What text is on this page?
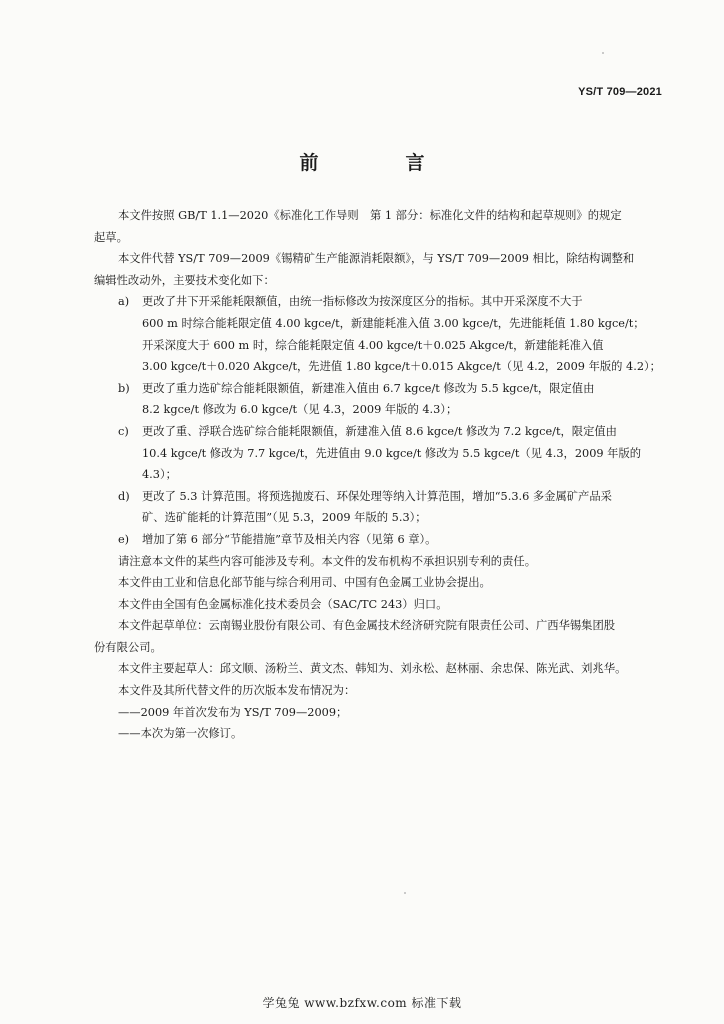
YS/T 709—2021
前　言

本文件按照 GB/T 1.1—2020《标准化工作导则　第 1 部分：标准化文件的结构和起草规则》的规定
起草。

本文件代替 YS/T 709—2009《锡精矿生产能源消耗限额》，与 YS/T 709—2009 相比，除结构调整和
编辑性改动外，主要技术变化如下：

a)	更改了井下开采能耗限额值，由统一指标修改为按深度区分的指标。其中开采深度不大于
600 m 时综合能耗限定值 4.00 kgce/t，新建能耗准入值 3.00 kgce/t，先进能耗值 1.80 kgce/t；
开采深度大于 600 m 时，综合能耗限定值 4.00 kgce/t＋0.025 Akgce/t，新建能耗准入值
3.00 kgce/t＋0.020 Akgce/t，先进值 1.80 kgce/t＋0.015 Akgce/t（见 4.2，2009 年版的 4.2）；
b)	更改了重力选矿综合能耗限额值，新建准入值由 6.7 kgce/t 修改为 5.5 kgce/t，限定值由
8.2 kgce/t 修改为 6.0 kgce/t（见 4.3，2009 年版的 4.3）；
c)	更改了重、浮联合选矿综合能耗限额值，新建准入值 8.6 kgce/t 修改为 7.2 kgce/t，限定值由
10.4 kgce/t 修改为 7.7 kgce/t，先进值由 9.0 kgce/t 修改为 5.5 kgce/t（见 4.3，2009 年版的
4.3）；
d)	更改了 5.3 计算范围。将预选抛废石、环保处理等纳入计算范围，增加“5.3.6 多金属矿产品采
矿、选矿能耗的计算范围”（见 5.3，2009 年版的 5.3）；
e)	增加了第 6 部分“节能措施”章节及相关内容（见第 6 章）。

请注意本文件的某些内容可能涉及专利。本文件的发布机构不承担识别专利的责任。

本文件由工业和信息化部节能与综合利用司、中国有色金属工业协会提出。

本文件由全国有色金属标准化技术委员会（SAC/TC 243）归口。

本文件起草单位：云南锡业股份有限公司、有色金属技术经济研究院有限责任公司、广西华锡集团股
份有限公司。

本文件主要起草人：邱文顺、汤粉兰、黄文杰、韩知为、刘永松、赵林丽、余忠保、陈光武、刘兆华。

本文件及其所代替文件的历次版本发布情况为：

——2009 年首次发布为 YS/T 709—2009；

——本次为第一次修订。

学兔兔 www.bzfxw.com 标准下载
